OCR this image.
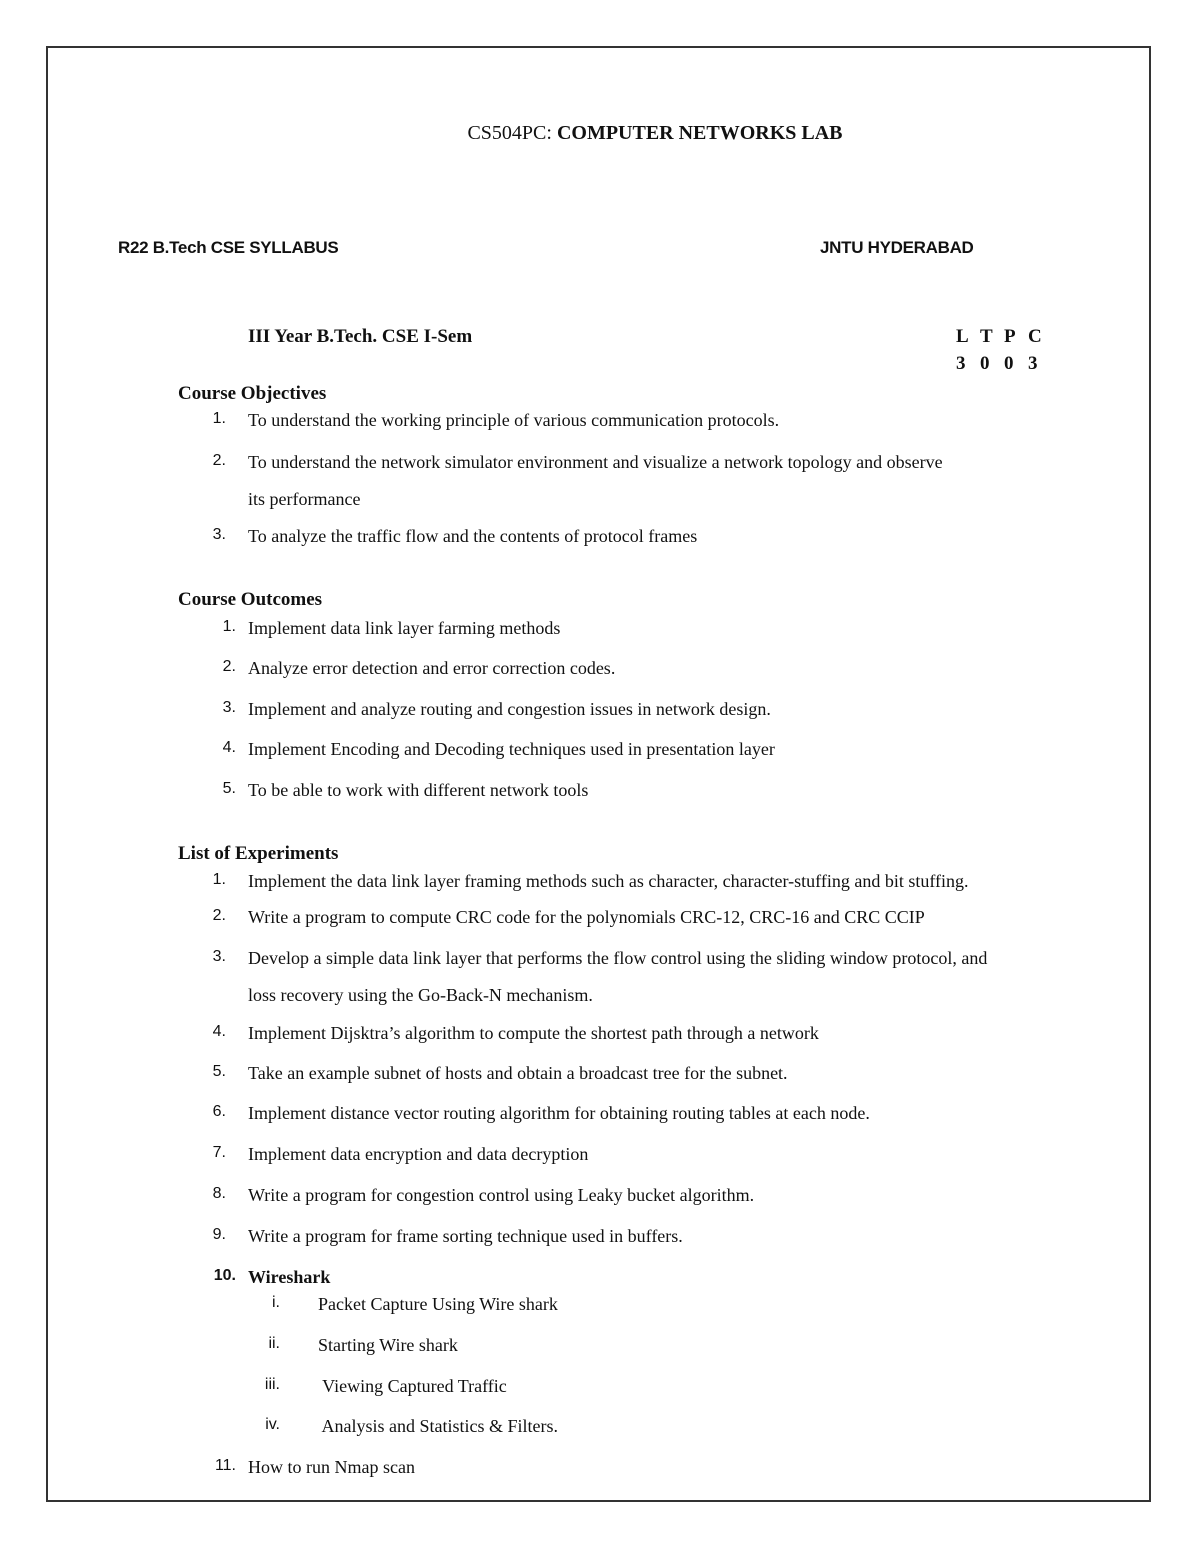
CS504PC: COMPUTER NETWORKS LAB
R22 B.Tech CSE SYLLABUS	JNTU HYDERABAD
III Year B.Tech. CSE I-Sem	L T P C
3 0 0 3
Course Objectives
1. To understand the working principle of various communication protocols.
2. To understand the network simulator environment and visualize a network topology and observe
its performance
3. To analyze the traffic flow and the contents of protocol frames
Course Outcomes
1. Implement data link layer farming methods
2. Analyze error detection and error correction codes.
3. Implement and analyze routing and congestion issues in network design.
4. Implement Encoding and Decoding techniques used in presentation layer
5. To be able to work with different network tools
List of Experiments
1. Implement the data link layer framing methods such as character, character-stuffing and bit stuffing.
2. Write a program to compute CRC code for the polynomials CRC-12, CRC-16 and CRC CCIP
3. Develop a simple data link layer that performs the flow control using the sliding window protocol, and
loss recovery using the Go-Back-N mechanism.
4. Implement Dijsktra’s algorithm to compute the shortest path through a network
5. Take an example subnet of hosts and obtain a broadcast tree for the subnet.
6. Implement distance vector routing algorithm for obtaining routing tables at each node.
7. Implement data encryption and data decryption
8. Write a program for congestion control using Leaky bucket algorithm.
9. Write a program for frame sorting technique used in buffers.
10. Wireshark
i. Packet Capture Using Wire shark
ii. Starting Wire shark
iii. Viewing Captured Traffic
iv. Analysis and Statistics & Filters.
11. How to run Nmap scan
